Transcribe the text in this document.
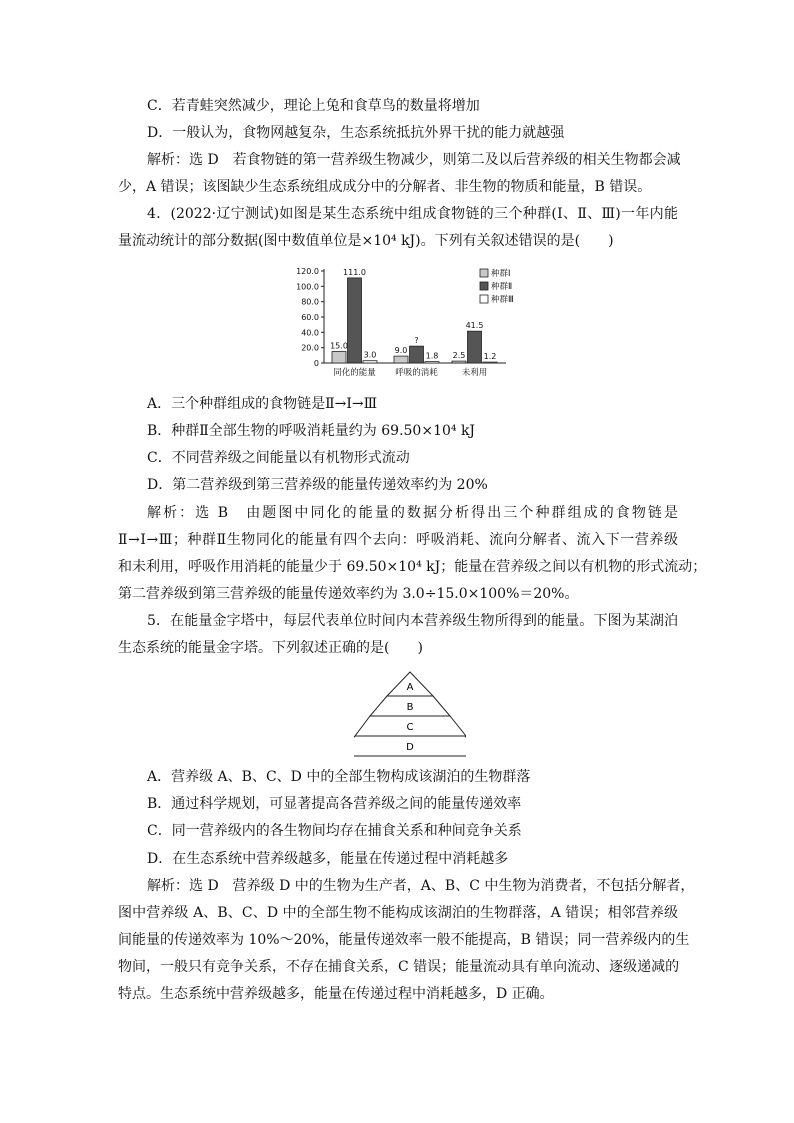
C．若青蛙突然减少，理论上兔和食草鸟的数量将增加
D．一般认为，食物网越复杂，生态系统抵抗外界干扰的能力就越强
解析：选 D　若食物链的第一营养级生物减少，则第二及以后营养级的相关生物都会减
少，A 错误；该图缺少生态系统组成成分中的分解者、非生物的物质和能量，B 错误。
4．(2022·辽宁测试)如图是某生态系统中组成食物链的三个种群(Ⅰ、Ⅱ、Ⅲ)一年内能
量流动统计的部分数据(图中数值单位是×10⁴ kJ)。下列有关叙述错误的是(　　)
0
20.0
40.0
60.0
80.0
100.0
120.0
15.0
111.0
3.0
同化的能量
9.0
?
1.8
呼吸的消耗
2.5
41.5
1.2
未利用
种群Ⅰ
种群Ⅱ
种群Ⅲ
A．三个种群组成的食物链是Ⅱ→Ⅰ→Ⅲ
B．种群Ⅱ全部生物的呼吸消耗量约为 69.50×10⁴ kJ
C．不同营养级之间能量以有机物形式流动
D．第二营养级到第三营养级的能量传递效率约为 20%
解析：选 B　由题图中同化的能量的数据分析得出三个种群组成的食物链是
Ⅱ→Ⅰ→Ⅲ；种群Ⅱ生物同化的能量有四个去向：呼吸消耗、流向分解者、流入下一营养级
和未利用，呼吸作用消耗的能量少于 69.50×10⁴ kJ；能量在营养级之间以有机物的形式流动；
第二营养级到第三营养级的能量传递效率约为 3.0÷15.0×100%＝20%。
5．在能量金字塔中，每层代表单位时间内本营养级生物所得到的能量。下图为某湖泊
生态系统的能量金字塔。下列叙述正确的是(　　)
A
B
C
D
A．营养级 A、B、C、D 中的全部生物构成该湖泊的生物群落
B．通过科学规划，可显著提高各营养级之间的能量传递效率
C．同一营养级内的各生物间均存在捕食关系和种间竞争关系
D．在生态系统中营养级越多，能量在传递过程中消耗越多
解析：选 D　营养级 D 中的生物为生产者，A、B、C 中生物为消费者，不包括分解者，
图中营养级 A、B、C、D 中的全部生物不能构成该湖泊的生物群落，A 错误；相邻营养级
间能量的传递效率为 10%～20%，能量传递效率一般不能提高，B 错误；同一营养级内的生
物间，一般只有竞争关系，不存在捕食关系，C 错误；能量流动具有单向流动、逐级递减的
特点。生态系统中营养级越多，能量在传递过程中消耗越多，D 正确。
